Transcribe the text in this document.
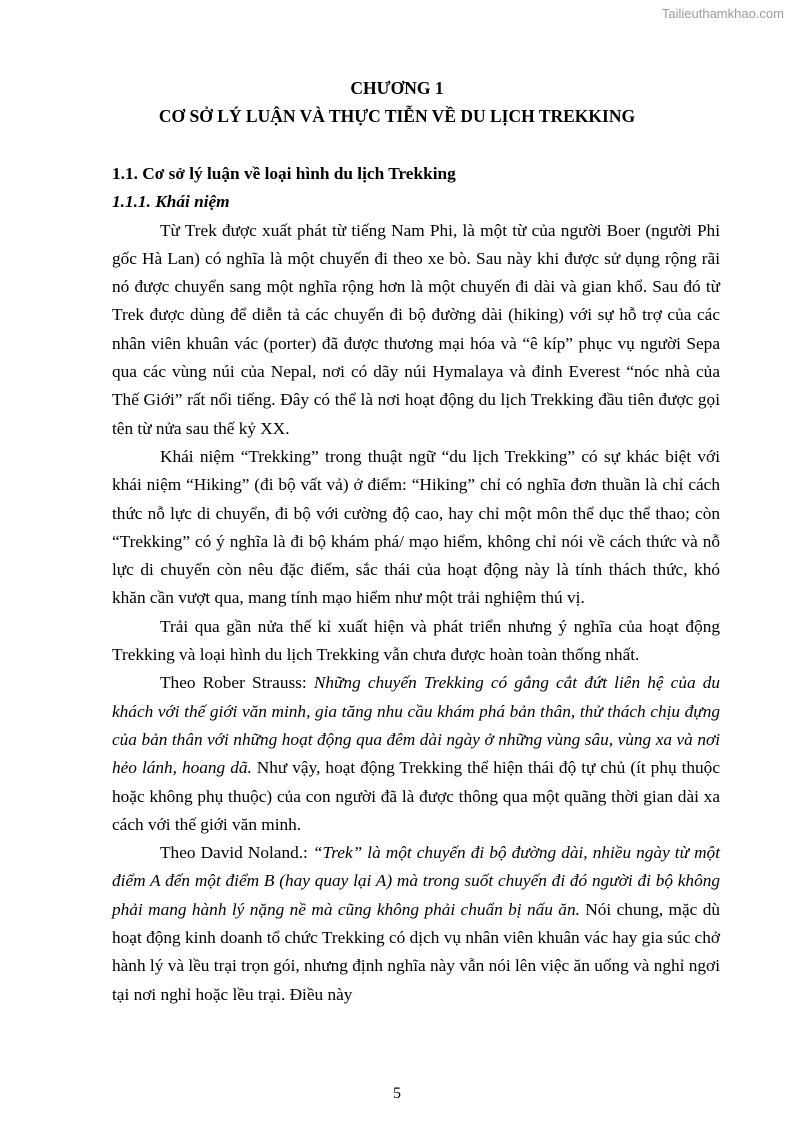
Tailieuthamkhao.com
CHƯƠNG 1
CƠ SỞ LÝ LUẬN VÀ THỰC TIỄN VỀ DU LỊCH TREKKING
1.1. Cơ sở lý luận về loại hình du lịch Trekking
1.1.1. Khái niệm

Từ Trek được xuất phát từ tiếng Nam Phi, là một từ của người Boer (người Phi gốc Hà Lan) có nghĩa là một chuyến đi theo xe bò. Sau này khi được sử dụng rộng rãi nó được chuyển sang một nghĩa rộng hơn là một chuyến đi dài và gian khổ. Sau đó từ Trek được dùng để diễn tả các chuyến đi bộ đường dài (hiking) với sự hỗ trợ của các nhân viên khuân vác (porter) đã được thương mại hóa và “ê kíp” phục vụ người Sepa qua các vùng núi của Nepal, nơi có dãy núi Hymalaya và đỉnh Everest “nóc nhà của Thế Giới” rất nổi tiếng. Đây có thể là nơi hoạt động du lịch Trekking đầu tiên được gọi tên từ nửa sau thế kỷ XX.

Khái niệm “Trekking” trong thuật ngữ “du lịch Trekking” có sự khác biệt với khái niệm “Hiking” (đi bộ vất vả) ở điểm: “Hiking” chỉ có nghĩa đơn thuần là chỉ cách thức nỗ lực di chuyển, đi bộ với cường độ cao, hay chỉ một môn thể dục thể thao; còn “Trekking” có ý nghĩa là đi bộ khám phá/ mạo hiểm, không chỉ nói về cách thức và nỗ lực di chuyển còn nêu đặc điểm, sắc thái của hoạt động này là tính thách thức, khó khăn cần vượt qua, mang tính mạo hiểm như một trải nghiệm thú vị.

Trải qua gần nửa thế kỉ xuất hiện và phát triển nhưng ý nghĩa của hoạt động Trekking và loại hình du lịch Trekking vẫn chưa được hoàn toàn thống nhất.

Theo Rober Strauss: Những chuyến Trekking có gắng cắt đứt liên hệ của du khách với thế giới văn minh, gia tăng nhu cầu khám phá bản thân, thử thách chịu đựng của bản thân với những hoạt động qua đêm dài ngày ở những vùng sâu, vùng xa và nơi hẻo lánh, hoang dã. Như vậy, hoạt động Trekking thể hiện thái độ tự chủ (ít phụ thuộc hoặc không phụ thuộc) của con người đã là được thông qua một quãng thời gian dài xa cách với thế giới văn minh.

Theo David Noland.: “Trek” là một chuyến đi bộ đường dài, nhiều ngày từ một điểm A đến một điểm B (hay quay lại A) mà trong suốt chuyến đi đó người đi bộ không phải mang hành lý nặng nề mà cũng không phải chuẩn bị nấu ăn. Nói chung, mặc dù hoạt động kinh doanh tổ chức Trekking có dịch vụ nhân viên khuân vác hay gia súc chở hành lý và lều trại trọn gói, nhưng định nghĩa này vẫn nói lên việc ăn uống và nghỉ ngơi tại nơi nghỉ hoặc lều trại. Điều này

5
